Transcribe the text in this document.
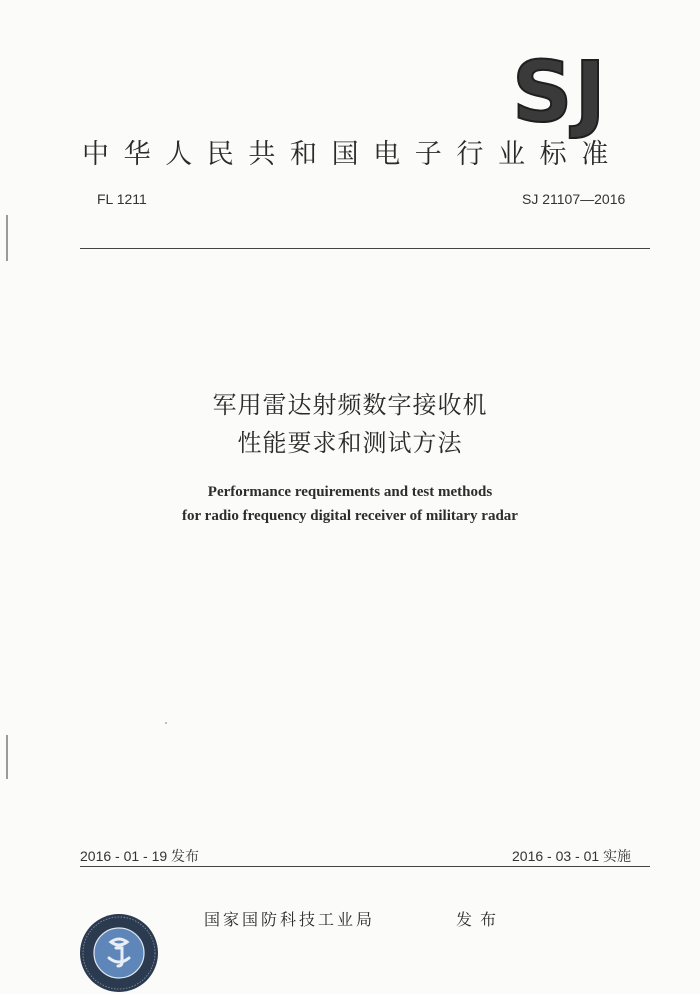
SJ
中华人民共和国电子行业标准
FL 1211	SJ 21107—2016
军用雷达射频数字接收机
性能要求和测试方法
Performance requirements and test methods
for radio frequency digital receiver of military radar
2016 - 01 - 19 发布	2016 - 03 - 01 实施
国家国防科技工业局	发布
